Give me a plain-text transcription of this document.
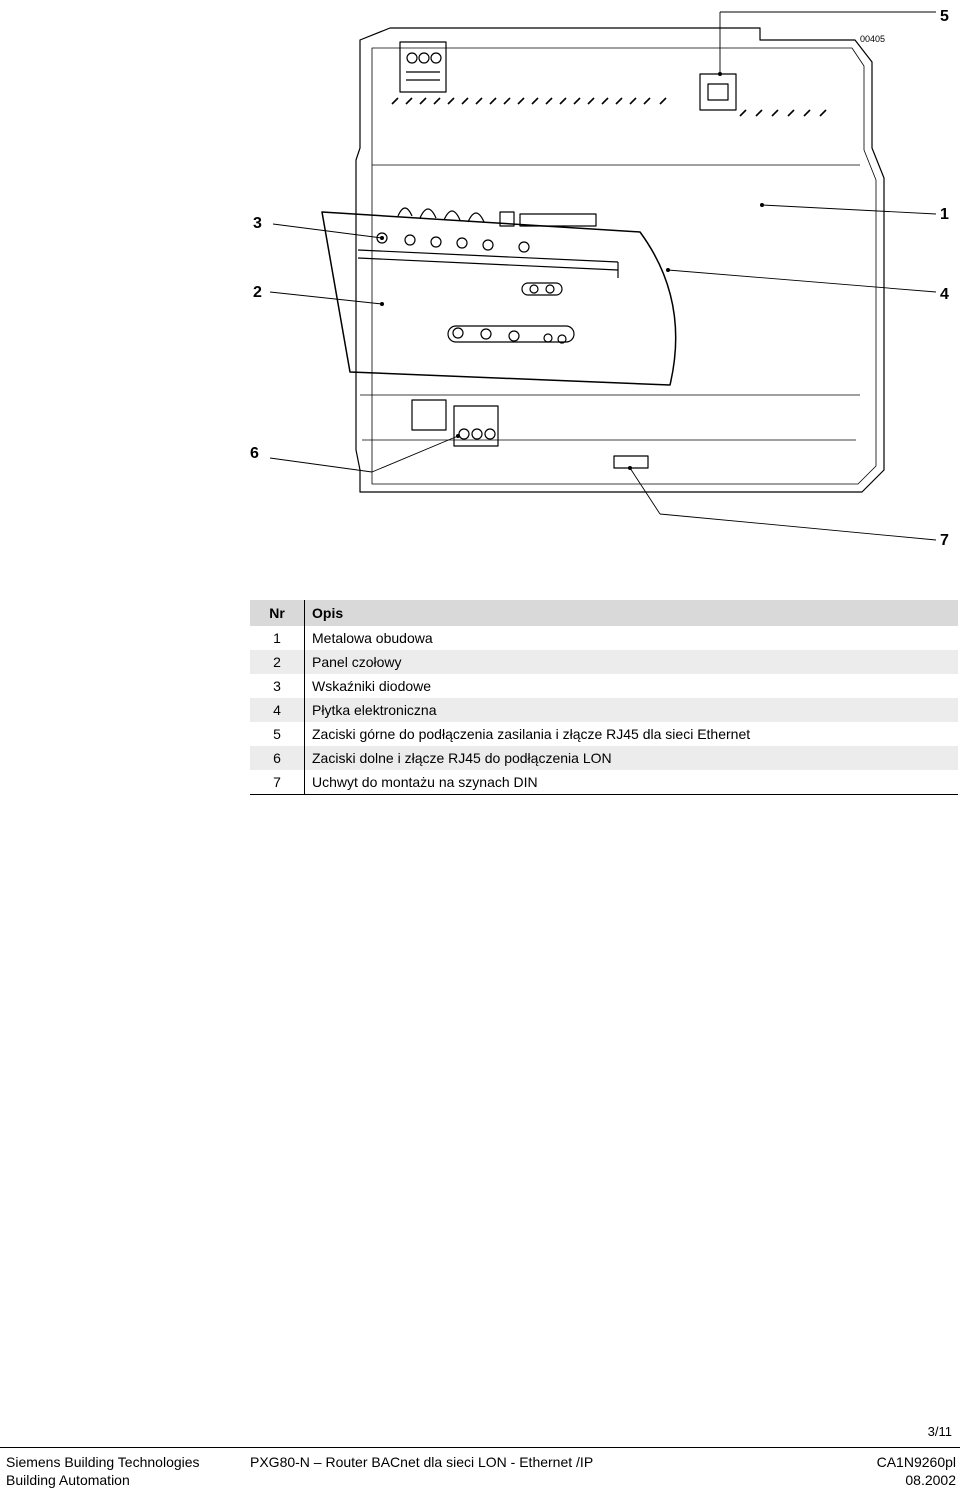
00405
5
3
1
2	4
6
7
Nr	Opis
1	Metalowa obudowa
2	Panel czołowy
3	Wskaźniki diodowe
4	Płytka elektroniczna
5	Zaciski górne do podłączenia zasilania i złącze RJ45 dla sieci Ethernet
6	Zaciski dolne i złącze RJ45 do podłączenia LON
7	Uchwyt do montażu na szynach DIN
3/11
Siemens Building Technologies
Building Automation
PXG80-N – Router BACnet dla sieci LON - Ethernet /IP	CA1N9260pl
08.2002
